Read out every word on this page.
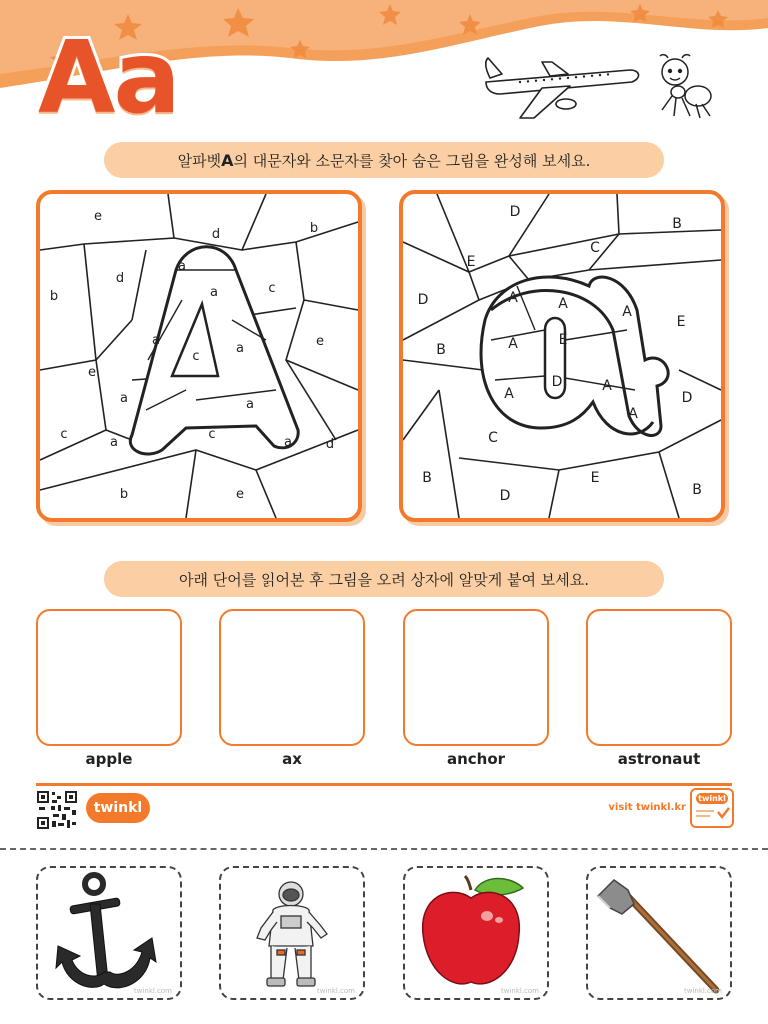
Aa
알파벳 A 의 대문자와 소문자를 찾아 숨은 그림을 완성해 보세요.
e
d	b
a
d
b	a	c
a
c
a	e
e
a	a
c	c
a	a	d
b	e
D
B
E
C
D	A	A	A
E
B	A
E
D	A
A
A
D
C
B
D
E
B
아래 단어를 읽어본 후 그림을 오려 상자에 알맞게 붙여 보세요.
apple	ax	anchor	astronaut
twinkl	visit twinkl.kr
twinkl
twinkl.com	twinkl.com	twinkl.com	twinkl.com
